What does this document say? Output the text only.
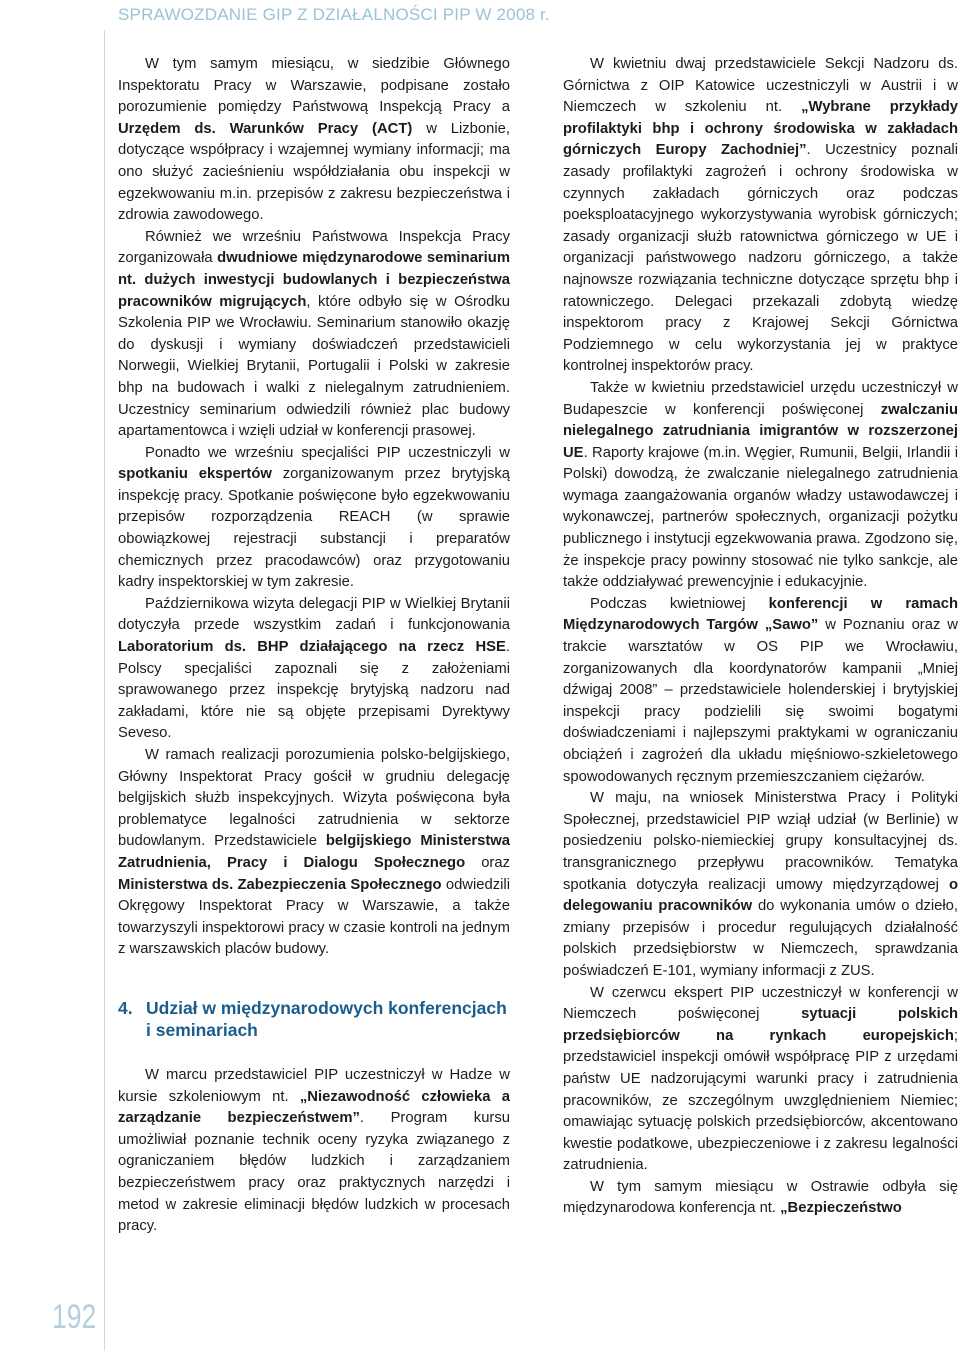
SPRAWOZDANIE GIP Z DZIAŁALNOŚCI PIP W 2008 r.
192

W tym samym miesiącu, w siedzibie Głównego Inspektoratu Pracy w Warszawie, podpisane zostało porozumienie pomiędzy Państwową Inspekcją Pracy a Urzędem ds. Warunków Pracy (ACT) w Lizbonie, dotyczące współpracy i wzajemnej wymiany informacji; ma ono służyć zacieśnieniu współdziałania obu inspekcji w egzekwowaniu m.in. przepisów z zakresu bezpieczeństwa i zdrowia zawodowego.

Również we wrześniu Państwowa Inspekcja Pracy zorganizowała dwudniowe międzynarodowe seminarium nt. dużych inwestycji budowlanych i bezpieczeństwa pracowników migrujących, które odbyło się w Ośrodku Szkolenia PIP we Wrocławiu. Seminarium stanowiło okazję do dyskusji i wymiany doświadczeń przedstawicieli Norwegii, Wielkiej Brytanii, Portugalii i Polski w zakresie bhp na budowach i walki z nielegalnym zatrudnieniem. Uczestnicy seminarium odwiedzili również plac budowy apartamentowca i wzięli udział w konferencji prasowej.

Ponadto we wrześniu specjaliści PIP uczestniczyli w spotkaniu ekspertów zorganizowanym przez brytyjską inspekcję pracy. Spotkanie poświęcone było egzekwowaniu przepisów rozporządzenia REACH (w sprawie obowiązkowej rejestracji substancji i preparatów chemicznych przez pracodawców) oraz przygotowaniu kadry inspektorskiej w tym zakresie.

Październikowa wizyta delegacji PIP w Wielkiej Brytanii dotyczyła przede wszystkim zadań i funkcjonowania Laboratorium ds. BHP działającego na rzecz HSE. Polscy specjaliści zapoznali się z założeniami sprawowanego przez inspekcję brytyjską nadzoru nad zakładami, które nie są objęte przepisami Dyrektywy Seveso.

W ramach realizacji porozumienia polsko-belgijskiego, Główny Inspektorat Pracy gościł w grudniu delegację belgijskich służb inspekcyjnych. Wizyta poświęcona była problematyce legalności zatrudnienia w sektorze budowlanym. Przedstawiciele belgijskiego Ministerstwa Zatrudnienia, Pracy i Dialogu Społecznego oraz Ministerstwa ds. Zabezpieczenia Społecznego odwiedzili Okręgowy Inspektorat Pracy w Warszawie, a także towarzyszyli inspektorowi pracy w czasie kontroli na jednym z warszawskich placów budowy.

4. Udział w międzynarodowych konferencjach i seminariach

W marcu przedstawiciel PIP uczestniczył w Hadze w kursie szkoleniowym nt. „Niezawodność człowieka a zarządzanie bezpieczeństwem”. Program kursu umożliwiał poznanie technik oceny ryzyka związanego z ograniczaniem błędów ludzkich i zarządzaniem bezpieczeństwem pracy oraz praktycznych narzędzi i metod w zakresie eliminacji błędów ludzkich w procesach pracy.

W kwietniu dwaj przedstawiciele Sekcji Nadzoru ds. Górnictwa z OIP Katowice uczestniczyli w Austrii i w Niemczech w szkoleniu nt. „Wybrane przykłady profilaktyki bhp i ochrony środowiska w zakładach górniczych Europy Zachodniej”. Uczestnicy poznali zasady profilaktyki zagrożeń i ochrony środowiska w czynnych zakładach górniczych oraz podczas poeksploatacyjnego wykorzystywania wyrobisk górniczych; zasady organizacji służb ratownictwa górniczego w UE i organizacji państwowego nadzoru górniczego, a także najnowsze rozwiązania techniczne dotyczące sprzętu bhp i ratowniczego. Delegaci przekazali zdobytą wiedzę inspektorom pracy z Krajowej Sekcji Górnictwa Podziemnego w celu wykorzystania jej w praktyce kontrolnej inspektorów pracy.

Także w kwietniu przedstawiciel urzędu uczestniczył w Budapeszcie w konferencji poświęconej zwalczaniu nielegalnego zatrudniania imigrantów w rozszerzonej UE. Raporty krajowe (m.in. Węgier, Rumunii, Belgii, Irlandii i Polski) dowodzą, że zwalczanie nielegalnego zatrudnienia wymaga zaangażowania organów władzy ustawodawczej i wykonawczej, partnerów społecznych, organizacji pożytku publicznego i instytucji egzekwowania prawa. Zgodzono się, że inspekcje pracy powinny stosować nie tylko sankcje, ale także oddziaływać prewencyjnie i edukacyjnie.

Podczas kwietniowej konferencji w ramach Międzynarodowych Targów „Sawo” w Poznaniu oraz w trakcie warsztatów w OS PIP we Wrocławiu, zorganizowanych dla koordynatorów kampanii „Mniej dźwigaj 2008” – przedstawiciele holenderskiej i brytyjskiej inspekcji pracy podzielili się swoimi bogatymi doświadczeniami i najlepszymi praktykami w ograniczaniu obciążeń i zagrożeń dla układu mięśniowo-szkieletowego spowodowanych ręcznym przemieszczaniem ciężarów.

W maju, na wniosek Ministerstwa Pracy i Polityki Społecznej, przedstawiciel PIP wziął udział (w Berlinie) w posiedzeniu polsko-niemieckiej grupy konsultacyjnej ds. transgranicznego przepływu pracowników. Tematyka spotkania dotyczyła realizacji umowy międzyrządowej o delegowaniu pracowników do wykonania umów o dzieło, zmiany przepisów i procedur regulujących działalność polskich przedsiębiorstw w Niemczech, sprawdzania poświadczeń E-101, wymiany informacji z ZUS.

W czerwcu ekspert PIP uczestniczył w konferencji w Niemczech poświęconej sytuacji polskich przedsiębiorców na rynkach europejskich; przedstawiciel inspekcji omówił współpracę PIP z urzędami państw UE nadzorującymi warunki pracy i zatrudnienia pracowników, ze szczególnym uwzględnieniem Niemiec; omawiając sytuację polskich przedsiębiorców, akcentowano kwestie podatkowe, ubezpieczeniowe i z zakresu legalności zatrudnienia.

W tym samym miesiącu w Ostrawie odbyła się międzynarodowa konferencja nt. „Bezpieczeństwo
